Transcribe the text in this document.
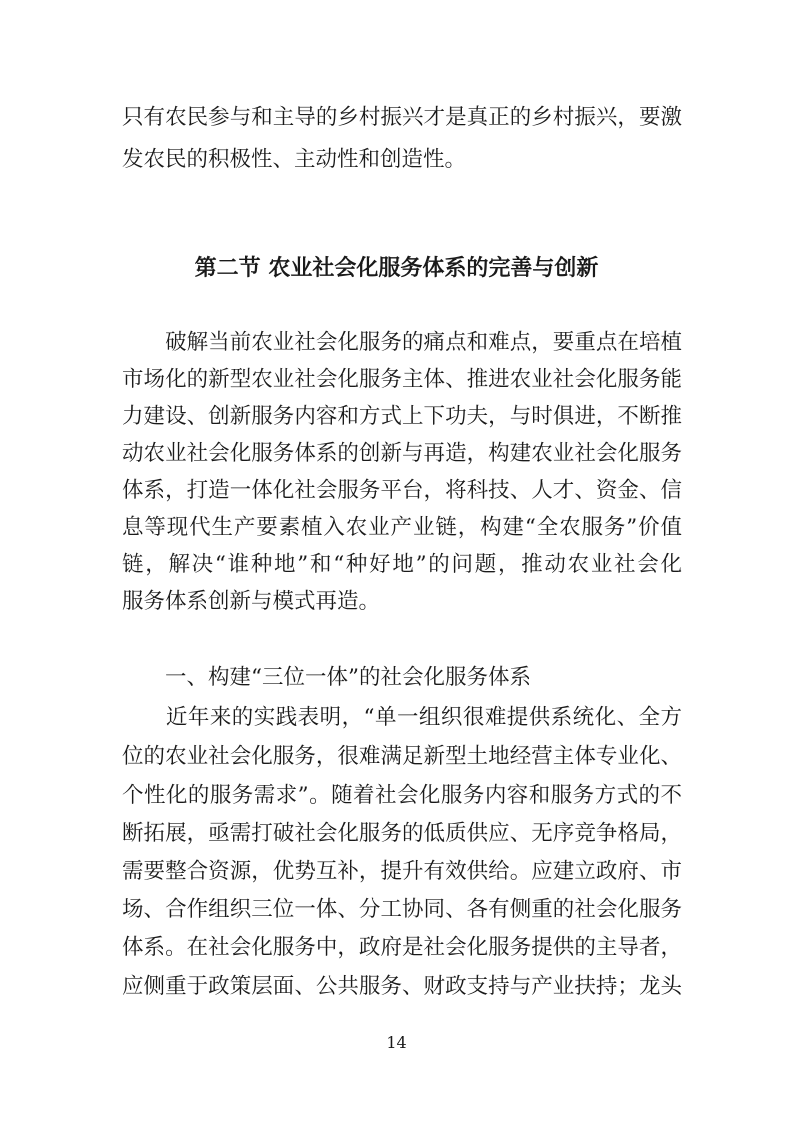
只有农民参与和主导的乡村振兴才是真正的乡村振兴，要激
发农民的积极性、主动性和创造性。
第二节 农业社会化服务体系的完善与创新
　　破解当前农业社会化服务的痛点和难点，要重点在培植
市场化的新型农业社会化服务主体、推进农业社会化服务能
力建设、创新服务内容和方式上下功夫，与时俱进，不断推
动农业社会化服务体系的创新与再造，构建农业社会化服务
体系，打造一体化社会服务平台，将科技、人才、资金、信
息等现代生产要素植入农业产业链，构建“全农服务”价值
链，解决“谁种地”和“种好地”的问题，推动农业社会化
服务体系创新与模式再造。
　　一、构建“三位一体”的社会化服务体系
　　近年来的实践表明，“单一组织很难提供系统化、全方
位的农业社会化服务，很难满足新型土地经营主体专业化、
个性化的服务需求”。随着社会化服务内容和服务方式的不
断拓展，亟需打破社会化服务的低质供应、无序竞争格局，
需要整合资源，优势互补，提升有效供给。应建立政府、市
场、合作组织三位一体、分工协同、各有侧重的社会化服务
体系。在社会化服务中，政府是社会化服务提供的主导者，
应侧重于政策层面、公共服务、财政支持与产业扶持；龙头
14
